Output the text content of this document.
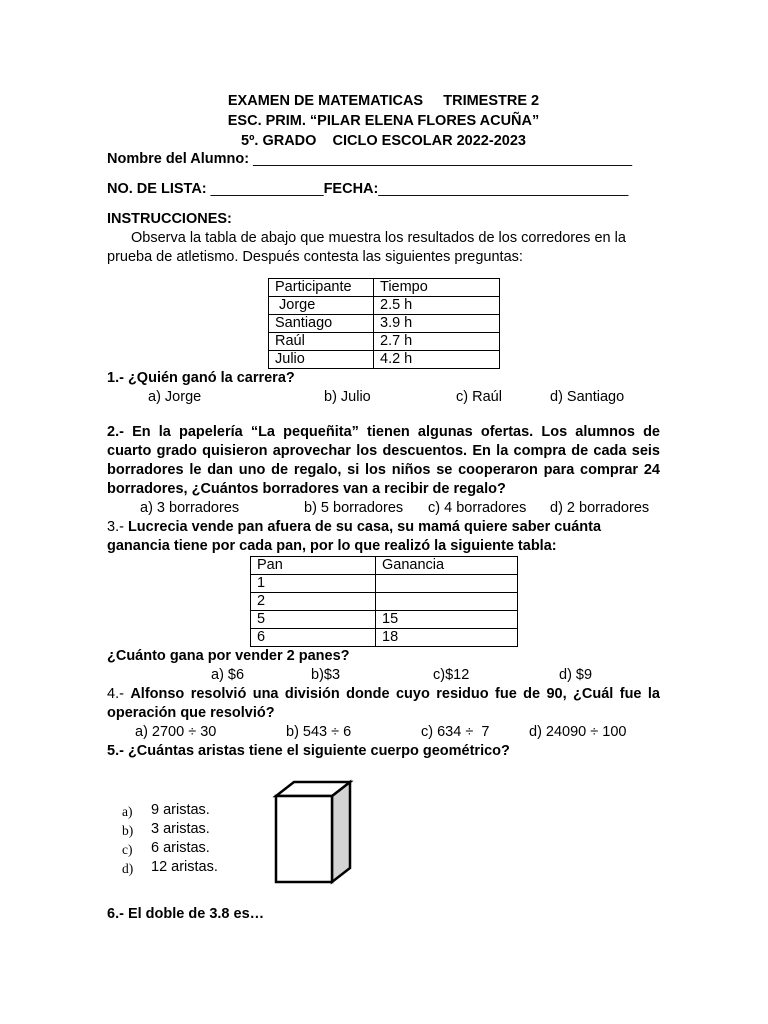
EXAMEN DE MATEMATICAS TRIMESTRE 2
ESC. PRIM. “PILAR ELENA FLORES ACUÑA”
5º. GRADO CICLO ESCOLAR 2022-2023
Nombre del Alumno: _______________________________________________
NO. DE LISTA: ______________FECHA:_______________________________
INSTRUCCIONES:
Observa la tabla de abajo que muestra los resultados de los corredores en la prueba de atletismo. Después contesta las siguientes preguntas:
Participante	Tiempo
Jorge	2.5 h
Santiago	3.9 h
Raúl	2.7 h
Julio	4.2 h
1.- ¿Quién ganó la carrera?
a) Jorge	b) Julio	c) Raúl	d) Santiago
2.- En la papelería “La pequeñita” tienen algunas ofertas. Los alumnos de cuarto grado quisieron aprovechar los descuentos. En la compra de cada seis borradores le dan uno de regalo, si los niños se cooperaron para comprar 24 borradores, ¿Cuántos borradores van a recibir de regalo?
a) 3 borradores	b) 5 borradores	c) 4 borradores	d) 2 borradores
3.- Lucrecia vende pan afuera de su casa, su mamá quiere saber cuánta ganancia tiene por cada pan, por lo que realizó la siguiente tabla:
Pan	Ganancia
1	
2	
5	15
6	18
¿Cuánto gana por vender 2 panes?
a) $6	b)$3	c)$12	d) $9
4.- Alfonso resolvió una división donde cuyo residuo fue de 90, ¿Cuál fue la operación que resolvió?
a) 2700 ÷ 30	b) 543 ÷ 6	c) 634 ÷  7	d) 24090 ÷ 100
5.- ¿Cuántas aristas tiene el siguiente cuerpo geométrico?
a) 9 aristas.
b) 3 aristas.
c) 6 aristas.
d) 12 aristas.
6.- El doble de 3.8 es…
